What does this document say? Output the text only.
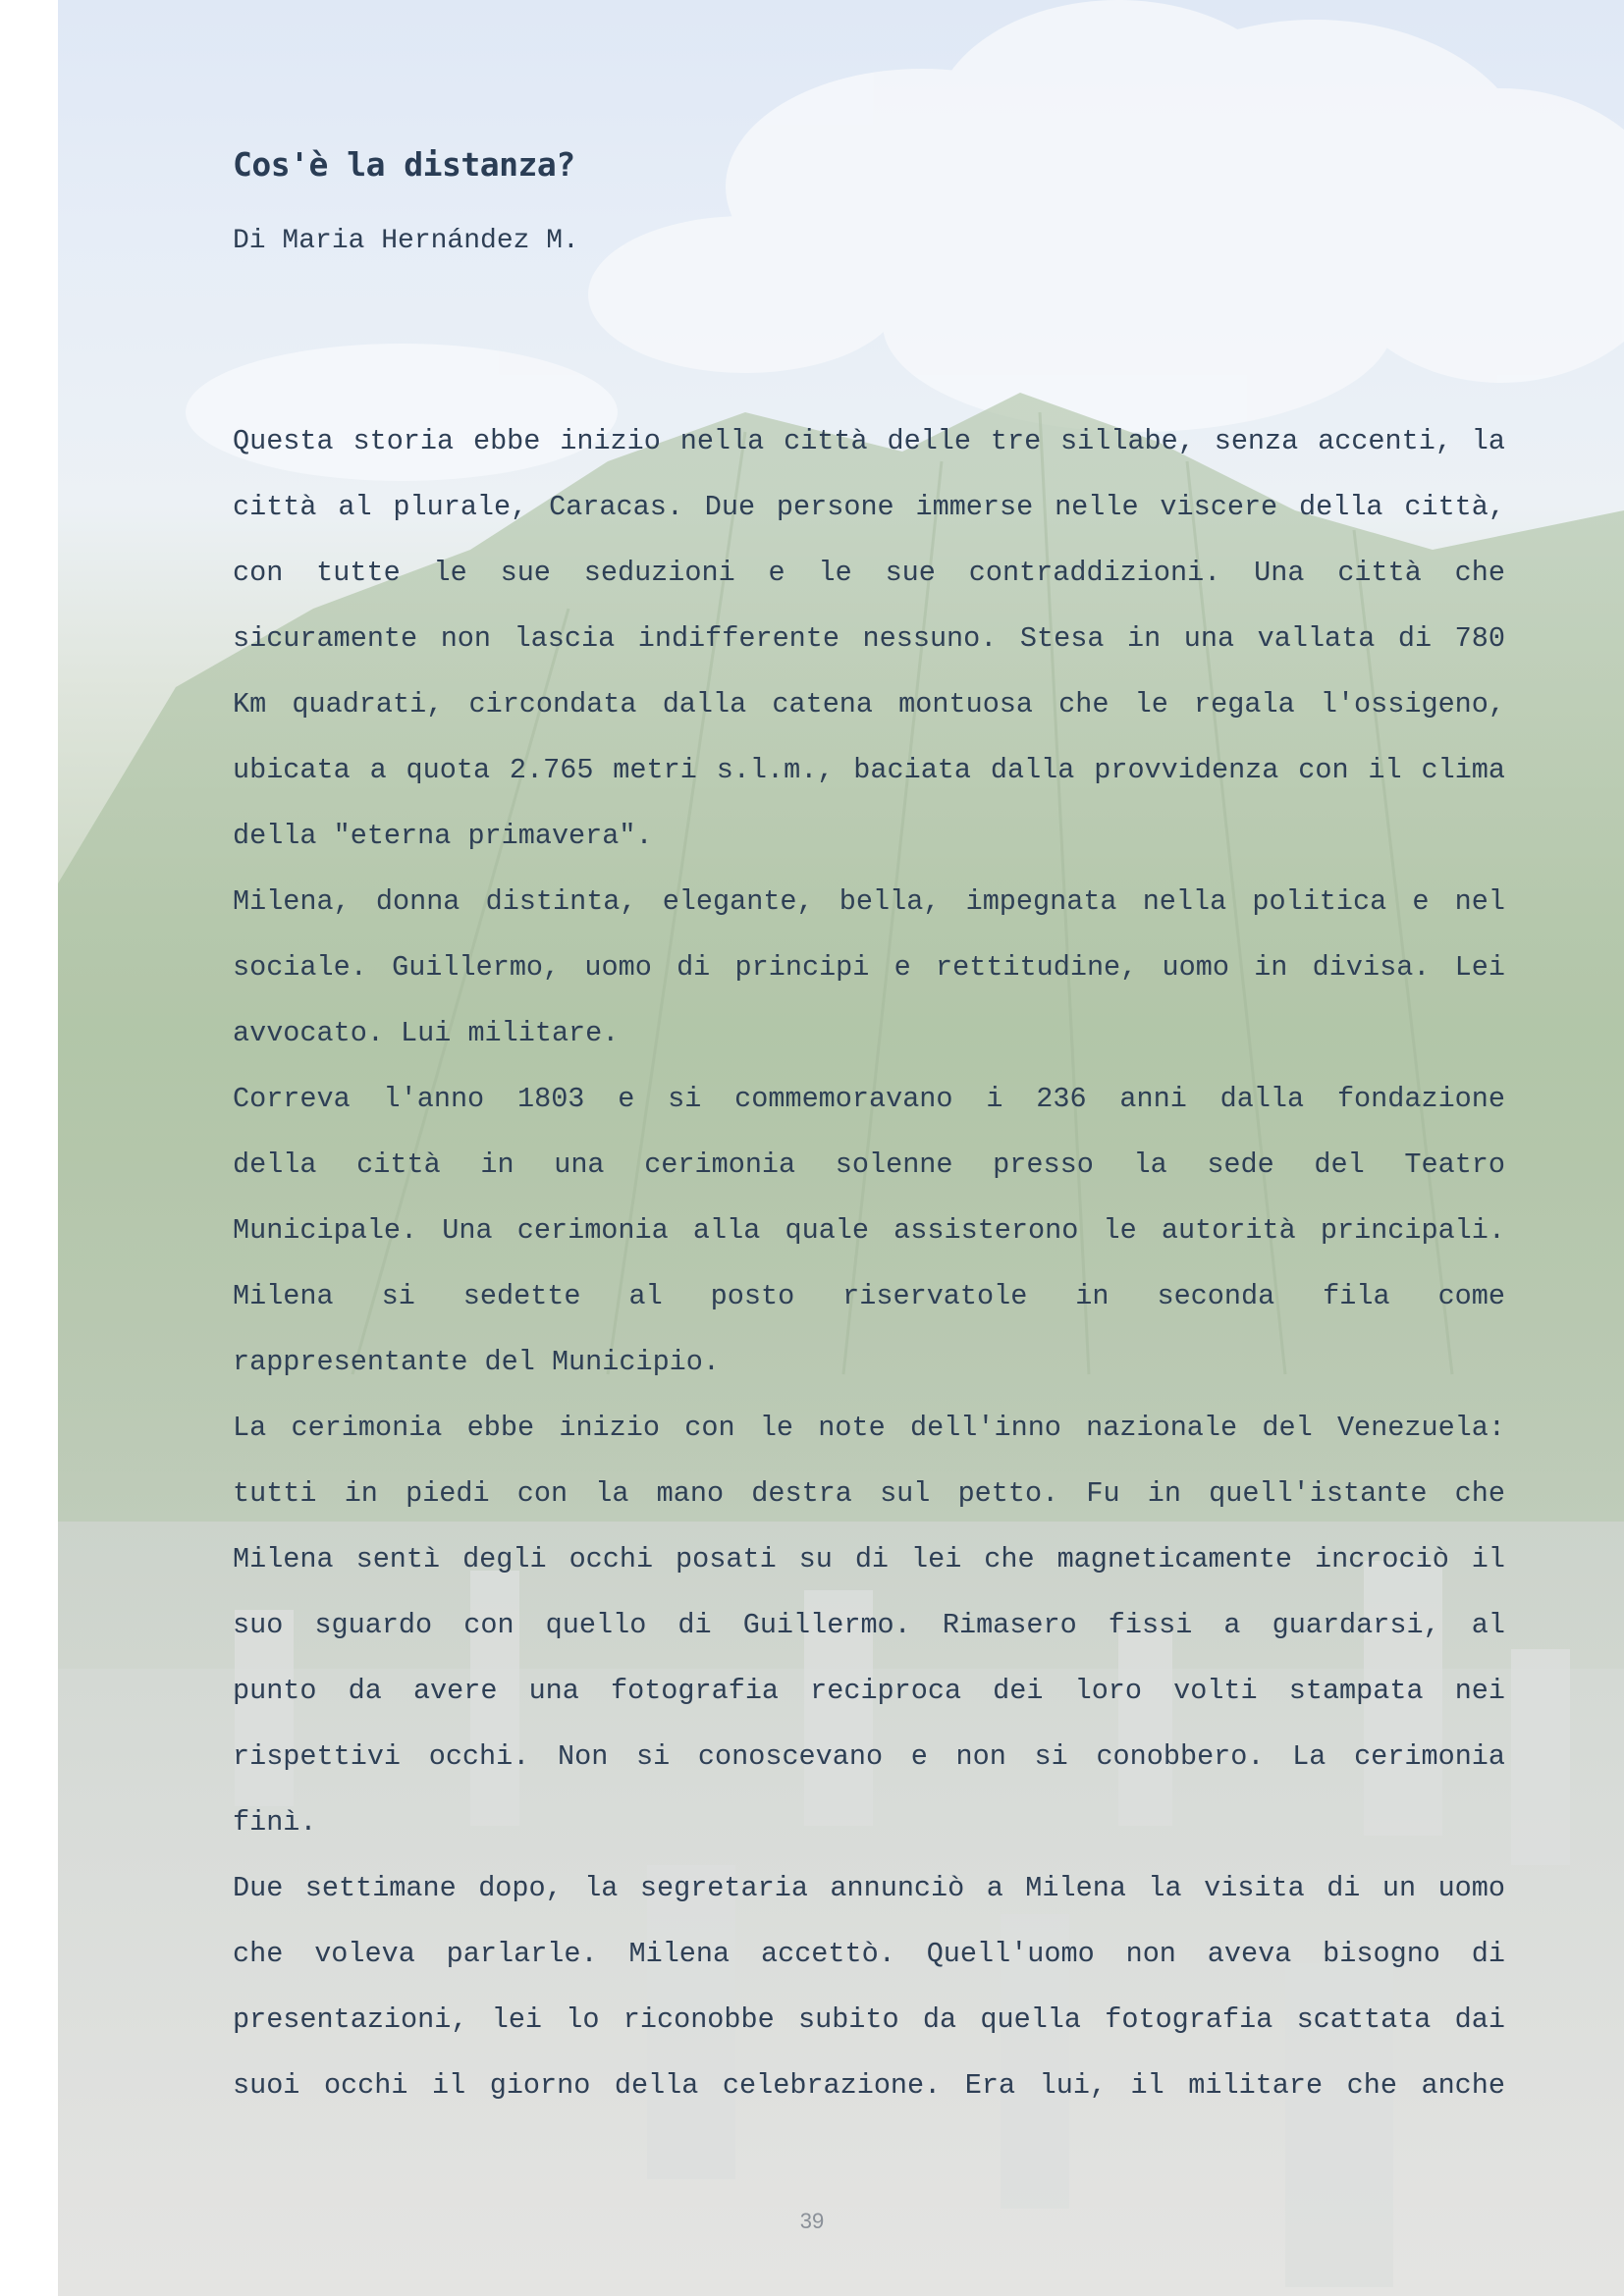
Cos'è la distanza?

Di Maria Hernández M.

Questa storia ebbe inizio nella città delle tre sillabe, senza accenti, la
città al plurale, Caracas. Due persone immerse nelle viscere della città,
con tutte le sue seduzioni e le sue contraddizioni. Una città che
sicuramente non lascia indifferente nessuno. Stesa in una vallata di 780
Km quadrati, circondata dalla catena montuosa che le regala l'ossigeno,
ubicata a quota 2.765 metri s.l.m., baciata dalla provvidenza con il clima
della "eterna primavera".
Milena, donna distinta, elegante, bella, impegnata nella politica e nel
sociale. Guillermo, uomo di principi e rettitudine, uomo in divisa. Lei
avvocato. Lui militare.
Correva l'anno 1803 e si commemoravano i 236 anni dalla fondazione
della città in una cerimonia solenne presso la sede del Teatro
Municipale. Una cerimonia alla quale assisterono le autorità principali.
Milena si sedette al posto riservatole in seconda fila come
rappresentante del Municipio.
La cerimonia ebbe inizio con le note dell'inno nazionale del Venezuela:
tutti in piedi con la mano destra sul petto. Fu in quell'istante che
Milena sentì degli occhi posati su di lei che magneticamente incrociò il
suo sguardo con quello di Guillermo. Rimasero fissi a guardarsi, al
punto da avere una fotografia reciproca dei loro volti stampata nei
rispettivi occhi. Non si conoscevano e non si conobbero. La cerimonia
finì.
Due settimane dopo, la segretaria annunciò a Milena la visita di un uomo
che voleva parlarle. Milena accettò. Quell'uomo non aveva bisogno di
presentazioni, lei lo riconobbe subito da quella fotografia scattata dai
suoi occhi il giorno della celebrazione. Era lui, il militare che anche
39
